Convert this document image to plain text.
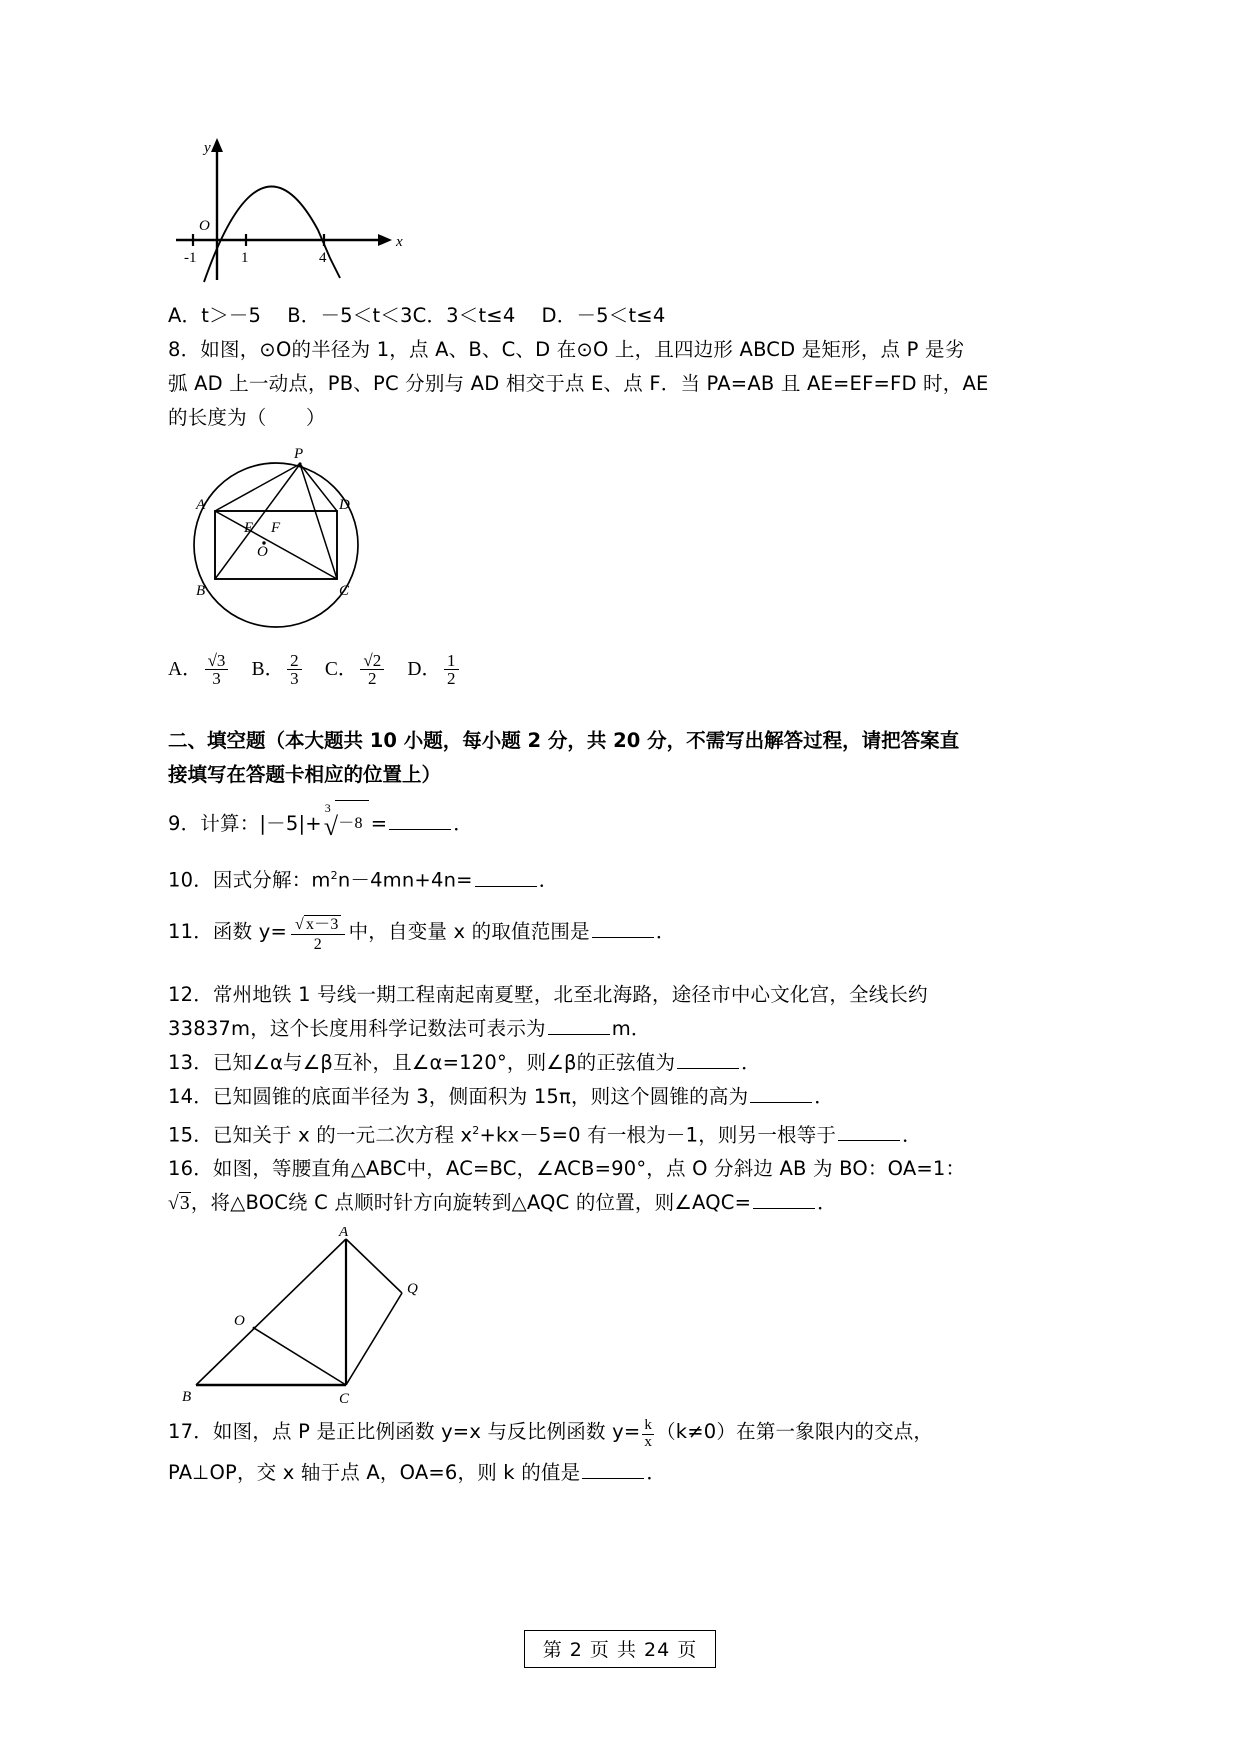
y
x
O
-1	1	4
A．t＞－5　 B．－5＜t＜3C．3＜t≤4 　D．－5＜t≤4
8．如图，⊙O的半径为 1，点 A、B、C、D 在⊙O 上，且四边形 ABCD 是矩形，点 P 是劣
弧 AD 上一动点，PB、PC 分别与 AD 相交于点 E、点 F．当 PA=AB 且 AE=EF=FD 时，AE
的长度为（　　）
P
A	D
E F
O
B	C
A． $\frac{√3}{3}$ B． $\frac{2}{3}$ C． $\frac{√2}{2}$ D． $\frac{1}{2}$
二、填空题（本大题共 10 小题，每小题 2 分，共 20 分，不需写出解答过程，请把答案直
接填写在答题卡相应的位置上）
9．计算：|－5|+
3
√－8 =	．
10．因式分解：$m^2n-4mn+4n=$	．
11．函数 $y= \frac{√ x-3}{2}$ 中，自变量 x 的取值范围是	．
12．常州地铁 1 号线一期工程南起南夏墅，北至北海路，途径市中心文化宫，全线长约
33837m，这个长度用科学记数法可表示为	m．
13．已知∠α与∠β互补，且∠α=120°，则∠β的正弦值为	．
14．已知圆锥的底面半径为 3，侧面积为 15π，则这个圆锥的高为	．
15．已知关于 x 的一元二次方程 $x^2+kx-5=0$ 有一根为－1，则另一根等于	．
16．如图，等腰直角△ABC中，AC=BC，∠ACB=90°，点 O 分斜边 AB 为 BO：OA=1：
√3，将△BOC绕 C 点顺时针方向旋转到△AQC 的位置，则∠AQC=	．
A
Q
O
B	C
17．如图，点 P 是正比例函数 y=x 与反比例函数 $y= \frac{k}{x} (k\ne 0)$在第一象限内的交点，
PA⊥OP，交 x 轴于点 A，OA=6，则 k 的值是	．
第 2 页 共 24 页
